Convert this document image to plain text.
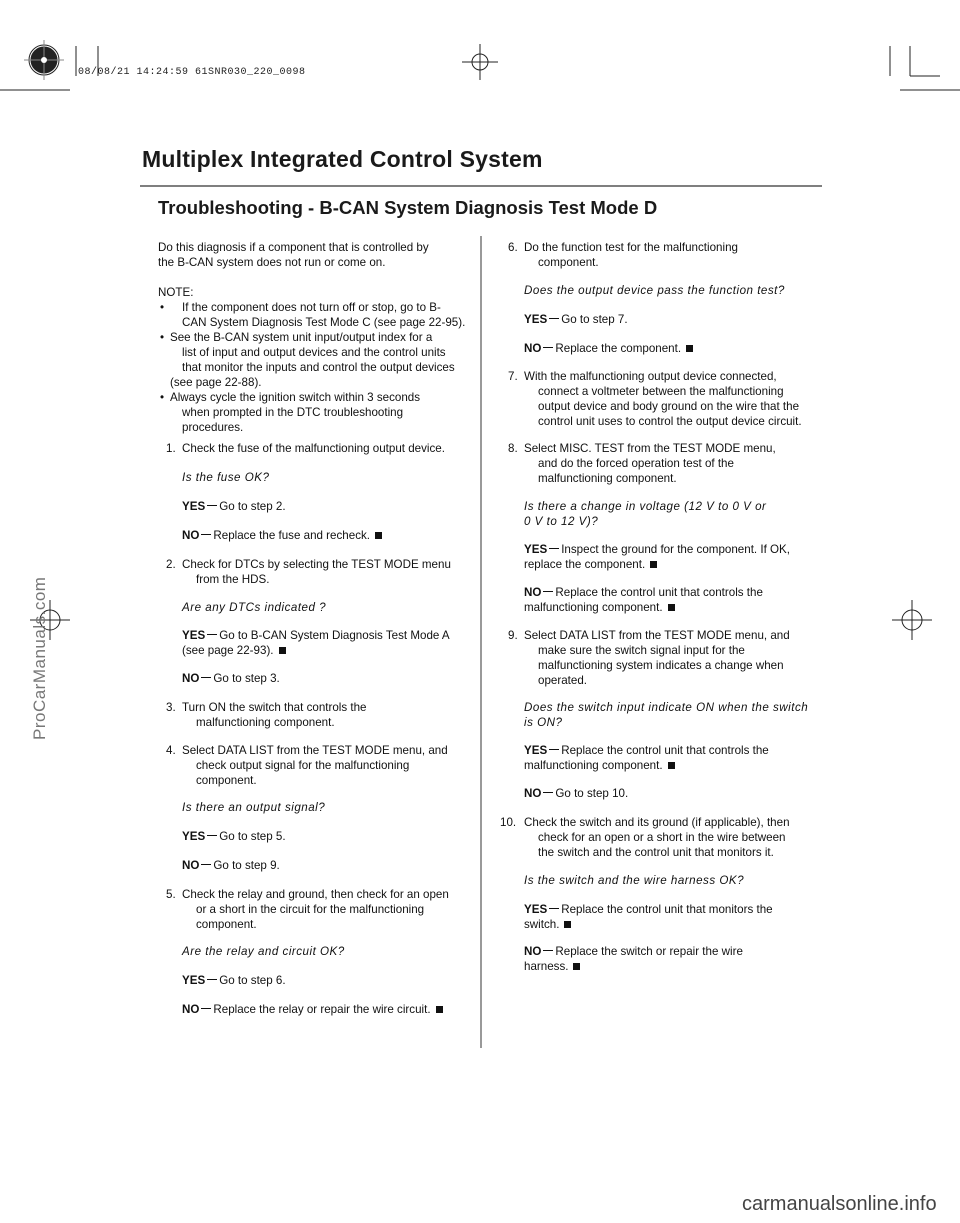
08/08/21 14:24:59 61SNR030_220_0098
Multiplex Integrated Control System
Troubleshooting - B-CAN System Diagnosis Test Mode D
Do this diagnosis if a component that is controlled by
the B-CAN system does not run or come on.
NOTE:
•	If the component does not turn off or stop, go to B-
CAN System Diagnosis Test Mode C (see page 22-95).
• See the B-CAN system unit input/output index for a
list of input and output devices and the control units
that monitor the inputs and control the output devices
(see page 22-88).
• Always cycle the ignition switch within 3 seconds
when prompted in the DTC troubleshooting
procedures.
1. Check the fuse of the malfunctioning output device.
Is the fuse OK?
YES Go to step 2.
NO Replace the fuse and recheck.
2. Check for DTCs by selecting the TEST MODE menu
from the HDS.
Are any DTCs indicated ?
YES Go to B-CAN System Diagnosis Test Mode A
(see page 22-93).
NO Go to step 3.
3. Turn ON the switch that controls the
malfunctioning component.
4. Select DATA LIST from the TEST MODE menu, and
check output signal for the malfunctioning
component.
Is there an output signal?
YES Go to step 5.
NO Go to step 9.
5. Check the relay and ground, then check for an open
or a short in the circuit for the malfunctioning
component.
Are the relay and circuit OK?
YES Go to step 6.
NO Replace the relay or repair the wire circuit.
6. Do the function test for the malfunctioning
component.
Does the output device pass the function test?
YES Go to step 7.
NO Replace the component.
7. With the malfunctioning output device connected,
connect a voltmeter between the malfunctioning
output device and body ground on the wire that the
control unit uses to control the output device circuit.
8. Select MISC. TEST from the TEST MODE menu,
and do the forced operation test of the
malfunctioning component.
Is there a change in voltage (12 V to 0 V or
0 V to 12 V)?
YES Inspect the ground for the component. If OK,
replace the component.
NO Replace the control unit that controls the
malfunctioning component.
9. Select DATA LIST from the TEST MODE menu, and
make sure the switch signal input for the
malfunctioning system indicates a change when
operated.
Does the switch input indicate ON when the switch
is ON?
YES Replace the control unit that controls the
malfunctioning component.
NO Go to step 10.
10. Check the switch and its ground (if applicable), then
check for an open or a short in the wire between
the switch and the control unit that monitors it.
Is the switch and the wire harness OK?
YES Replace the control unit that monitors the
switch.
NO Replace the switch or repair the wire
harness.
ProCarManuals.com
carmanualsonline.info
